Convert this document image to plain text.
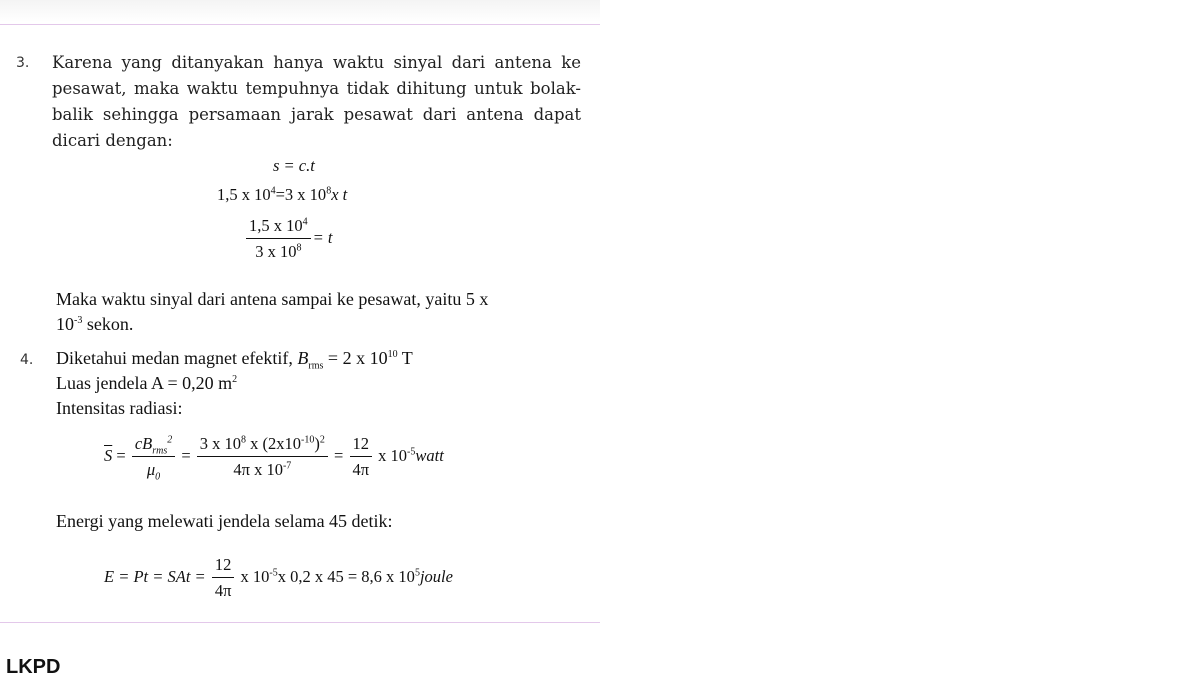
3. Karena yang ditanyakan hanya waktu sinyal dari antena ke pesawat, maka waktu tempuhnya tidak dihitung untuk bolak-balik sehingga persamaan jarak pesawat dari antena dapat dicari dengan:
s = c.t
1,5 x $10^4=3$ x $10^8x$ t
$\frac{1,5 x 10^4}{3 x 10^8} = t$
Maka waktu sinyal dari antena sampai ke pesawat, yaitu 5 x
$10^{-3}$ sekon.
4. Diketahui medan magnet efektif, $B_{rms} = 2$ x $10^{10}$ T
Luas jendela A = 0,20 $m^2$
Intensitas radiasi:
$\overline{S} = \frac{cB_{rms}^2}{\mu_0} = \frac{3 x 10^8 x (2x10^{-10})^2}{4\pi x 10^{-7}} = \frac{12}{4\pi}$ x $10^{-5}watt$
Energi yang melewati jendela selama 45 detik:
E = Pt = SAt = $\frac{12}{4\pi}$ x $10^{-5}x$ 0,2 x 45 = 8,6 x $10^5joule$
LKPD
